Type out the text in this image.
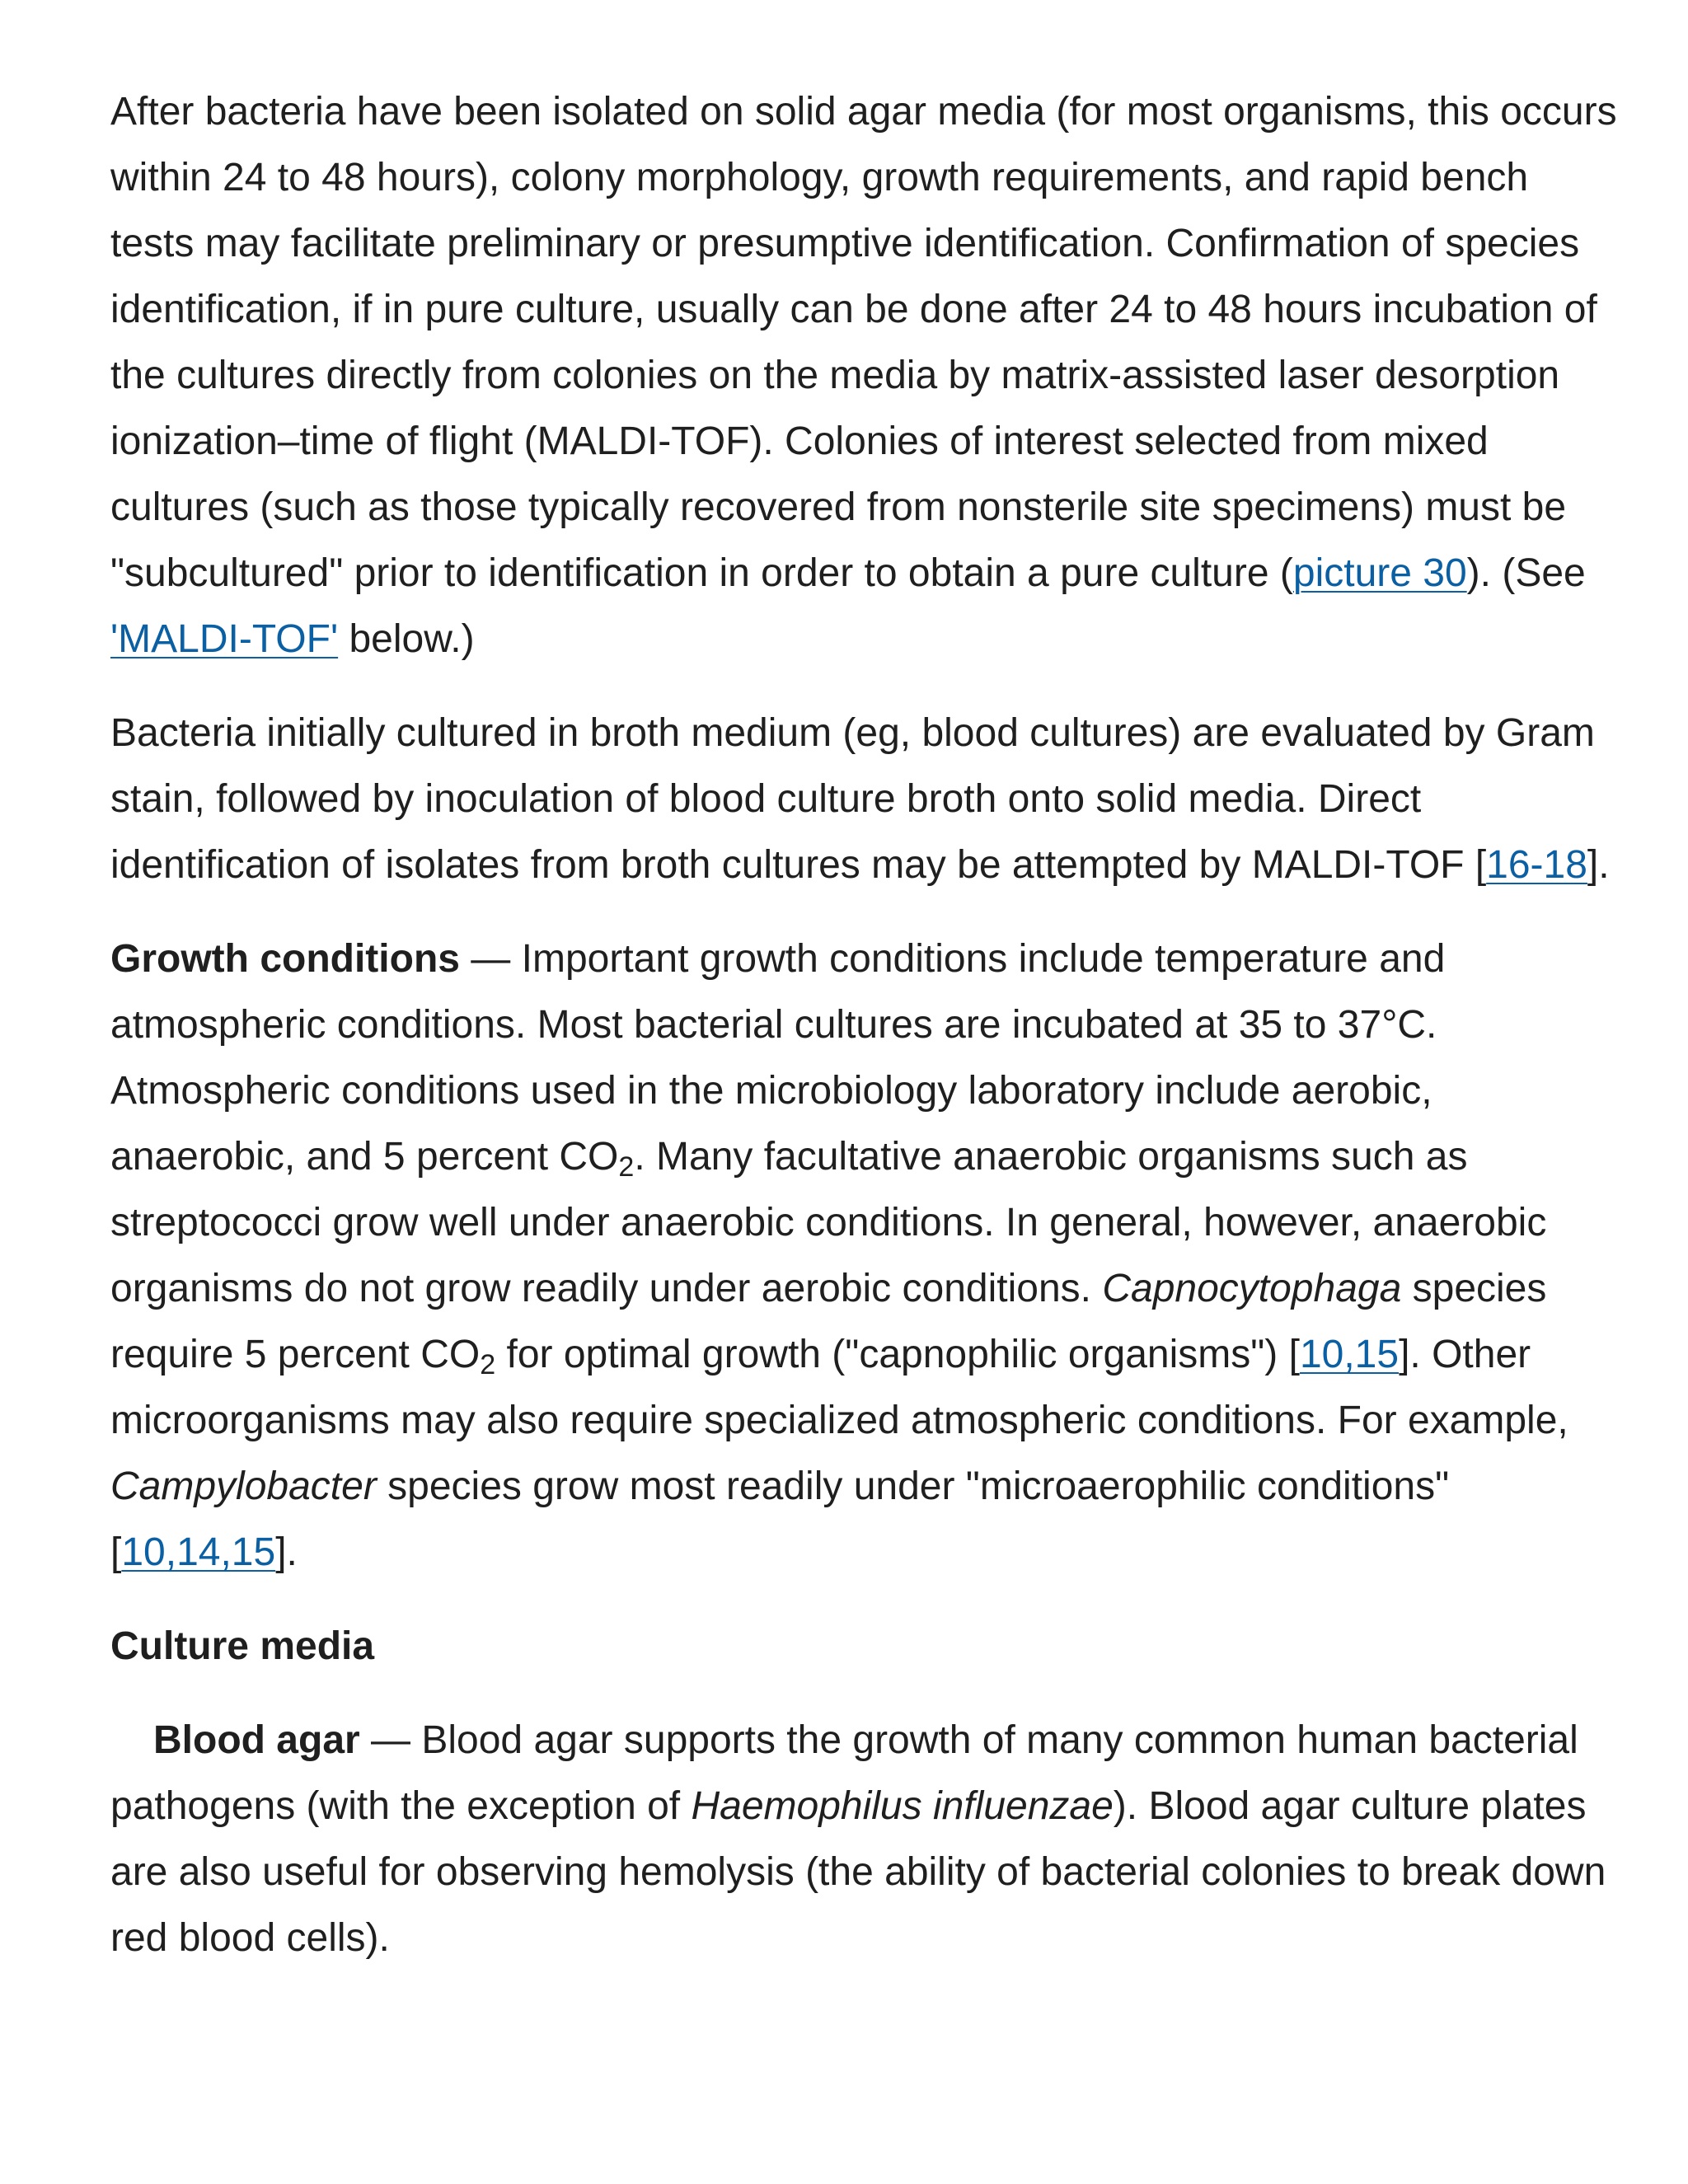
After bacteria have been isolated on solid agar media (for most organisms, this occurs within 24 to 48 hours), colony morphology, growth requirements, and rapid bench tests may facilitate preliminary or presumptive identification. Confirmation of species identification, if in pure culture, usually can be done after 24 to 48 hours incubation of the cultures directly from colonies on the media by matrix-assisted laser desorption ionization–time of flight (MALDI-TOF). Colonies of interest selected from mixed cultures (such as those typically recovered from nonsterile site specimens) must be "subcultured" prior to identification in order to obtain a pure culture (picture 30). (See 'MALDI-TOF' below.)

Bacteria initially cultured in broth medium (eg, blood cultures) are evaluated by Gram stain, followed by inoculation of blood culture broth onto solid media. Direct identification of isolates from broth cultures may be attempted by MALDI-TOF [16-18].

Growth conditions — Important growth conditions include temperature and atmospheric conditions. Most bacterial cultures are incubated at 35 to 37°C. Atmospheric conditions used in the microbiology laboratory include aerobic, anaerobic, and 5 percent $CO_2$. Many facultative anaerobic organisms such as streptococci grow well under anaerobic conditions. In general, however, anaerobic organisms do not grow readily under aerobic conditions. Capnocytophaga species require 5 percent $CO_2$ for optimal growth ("capnophilic organisms") [10,15]. Other microorganisms may also require specialized atmospheric conditions. For example, Campylobacter species grow most readily under "microaerophilic conditions" [10,14,15].

Culture media

Blood agar — Blood agar supports the growth of many common human bacterial pathogens (with the exception of Haemophilus influenzae). Blood agar culture plates are also useful for observing hemolysis (the ability of bacterial colonies to break down red blood cells).
